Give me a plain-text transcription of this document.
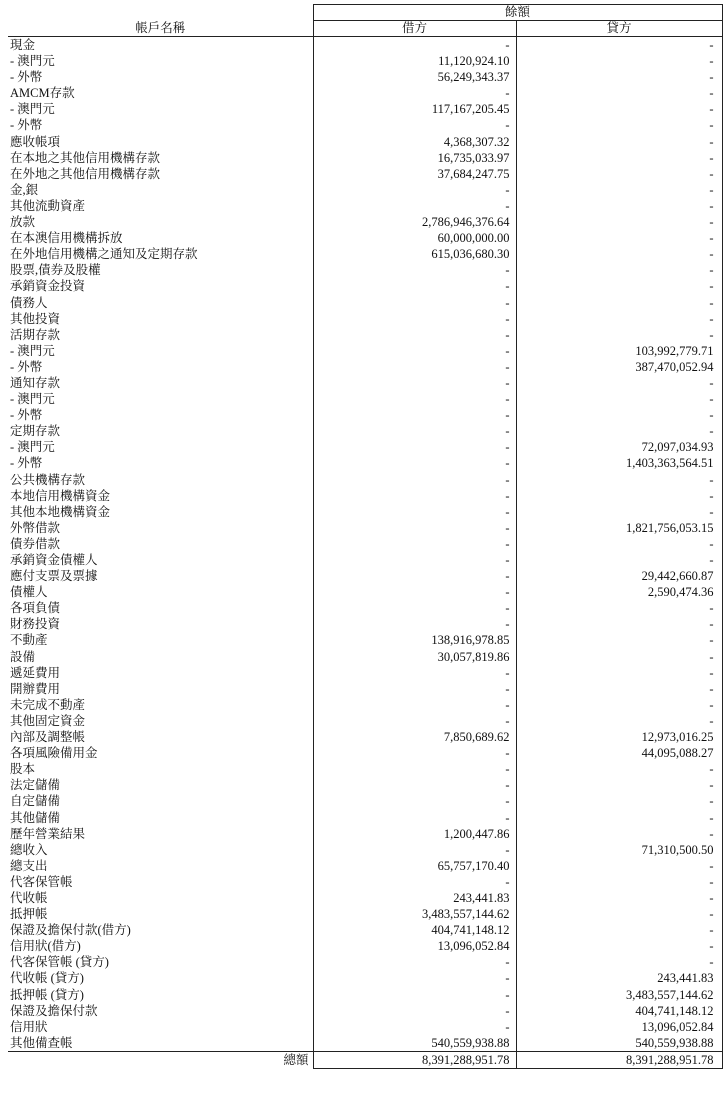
	餘額	
帳戶名稱	借方	貸方
現金	-	-
- 澳門元	11,120,924.10	-
- 外幣	56,249,343.37	-
AMCM存款	-	-
- 澳門元	117,167,205.45	-
- 外幣	-	-
應收帳項	4,368,307.32	-
在本地之其他信用機構存款	16,735,033.97	-
在外地之其他信用機構存款	37,684,247.75	-
金,銀	-	-
其他流動資產	-	-
放款	2,786,946,376.64	-
在本澳信用機構拆放	60,000,000.00	-
在外地信用機構之通知及定期存款	615,036,680.30	-
股票,債券及股權	-	-
承銷資金投資	-	-
債務人	-	-
其他投資	-	-
活期存款	-	-
- 澳門元	-	103,992,779.71
- 外幣	-	387,470,052.94
通知存款	-	-
- 澳門元	-	-
- 外幣	-	-
定期存款	-	-
- 澳門元	-	72,097,034.93
- 外幣	-	1,403,363,564.51
公共機構存款	-	-
本地信用機構資金	-	-
其他本地機構資金	-	-
外幣借款	-	1,821,756,053.15
債券借款	-	-
承銷資金債權人	-	-
應付支票及票據	-	29,442,660.87
債權人	-	2,590,474.36
各項負債	-	-
財務投資	-	-
不動產	138,916,978.85	-
設備	30,057,819.86	-
遞延費用	-	-
開辦費用	-	-
未完成不動產	-	-
其他固定資金	-	-
內部及調整帳	7,850,689.62	12,973,016.25
各項風險備用金	-	44,095,088.27
股本	-	-
法定儲備	-	-
自定儲備	-	-
其他儲備	-	-
歷年營業結果	1,200,447.86	-
總收入	-	71,310,500.50
總支出	65,757,170.40	-
代客保管帳	-	-
代收帳	243,441.83	-
抵押帳	3,483,557,144.62	-
保證及擔保付款(借方)	404,741,148.12	-
信用狀(借方)	13,096,052.84	-
代客保管帳 (貸方)	-	-
代收帳 (貸方)	-	243,441.83
抵押帳 (貸方)	-	3,483,557,144.62
保證及擔保付款	-	404,741,148.12
信用狀	-	13,096,052.84
其他備查帳	540,559,938.88	540,559,938.88
總額	8,391,288,951.78	8,391,288,951.78
